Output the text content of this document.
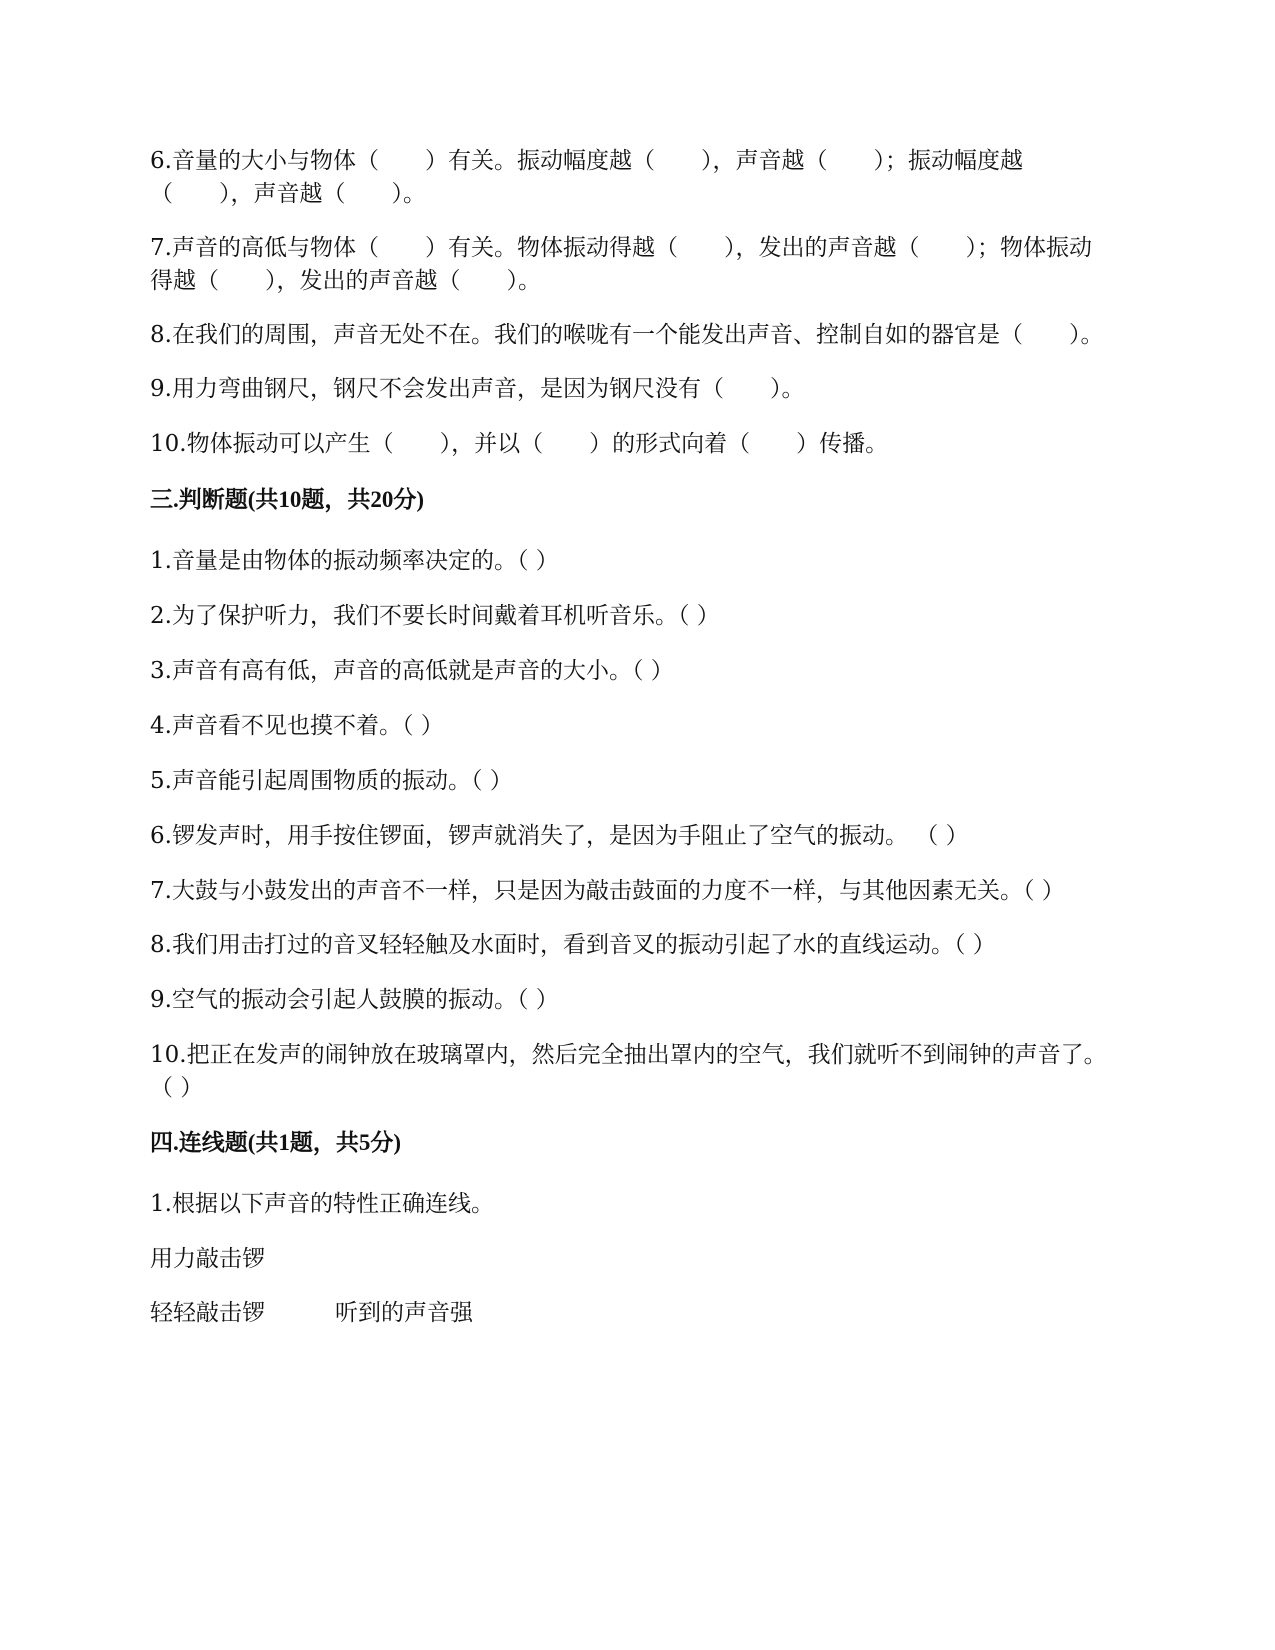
6.音量的大小与物体（　　）有关。振动幅度越（　　），声音越（　　）；振动幅度越（　　），声音越（　　）。

7.声音的高低与物体（　　）有关。物体振动得越（　　），发出的声音越（　　）；物体振动得越（　　），发出的声音越（　　）。

8.在我们的周围，声音无处不在。我们的喉咙有一个能发出声音、控制自如的器官是（　　）。

9.用力弯曲钢尺，钢尺不会发出声音，是因为钢尺没有（　　）。

10.物体振动可以产生（　　），并以（　　）的形式向着（　　）传播。

三.判断题(共10题，共20分)

1.音量是由物体的振动频率决定的。（ ）

2.为了保护听力，我们不要长时间戴着耳机听音乐。（ ）

3.声音有高有低，声音的高低就是声音的大小。（ ）

4.声音看不见也摸不着。（ ）

5.声音能引起周围物质的振动。（ ）

6.锣发声时，用手按住锣面，锣声就消失了，是因为手阻止了空气的振动。 （ ）

7.大鼓与小鼓发出的声音不一样，只是因为敲击鼓面的力度不一样，与其他因素无关。（ ）

8.我们用击打过的音叉轻轻触及水面时，看到音叉的振动引起了水的直线运动。（ ）

9.空气的振动会引起人鼓膜的振动。（ ）

10.把正在发声的闹钟放在玻璃罩内，然后完全抽出罩内的空气，我们就听不到闹钟的声音了。（ ）

四.连线题(共1题，共5分)

1.根据以下声音的特性正确连线。

用力敲击锣
轻轻敲击锣	听到的声音强
